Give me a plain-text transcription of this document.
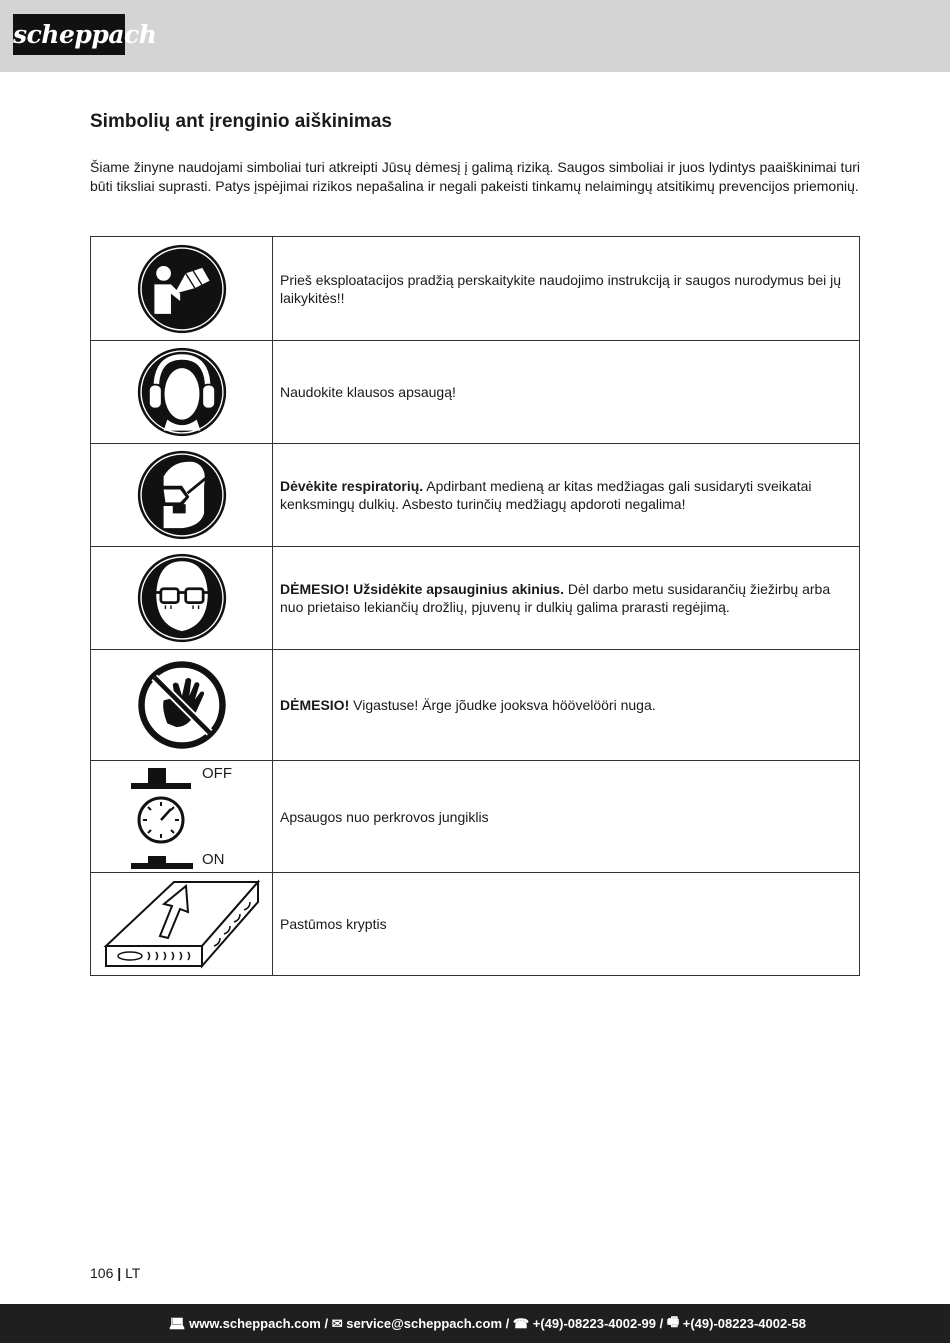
scheppach
Simbolių ant įrenginio aiškinimas

Šiame žinyne naudojami simboliai turi atkreipti Jūsų dėmesį į galimą riziką. Saugos simboliai ir juos lydintys paaiškinimai turi būti tiksliai suprasti. Patys įspėjimai rizikos nepašalina ir negali pakeisti tinkamų nelaimingų atsitikimų prevencijos priemonių.

	Prieš eksploatacijos pradžią perskaitykite naudojimo instrukciją ir saugos nurodymus bei jų laikykitės!!

	Naudokite klausos apsaugą!

	Dėvėkite respiratorių. Apdirbant medieną ar kitas medžiagas gali susidaryti sveikatai kenksmingų dulkių. Asbesto turinčių medžiagų apdoroti negalima!

	DĖMESIO! Užsidėkite apsauginius akinius. Dėl darbo metu susidarančių žiežirbų arba nuo prietaiso lekiančių drožlių, pjuvenų ir dulkių galima prarasti regėjimą.

	DĖMESIO! Vigastuse! Ärge jõudke jooksva höövelööri nuga.

OFF
ON	Apsaugos nuo perkrovos jungiklis

	Pastūmos kryptis
106 | LT
💻︎
www.scheppach.com
/
✉︎
service@scheppach.com
/
☎︎
+(49)-08223-4002-99
/
🖷︎
+(49)-08223-4002-58
